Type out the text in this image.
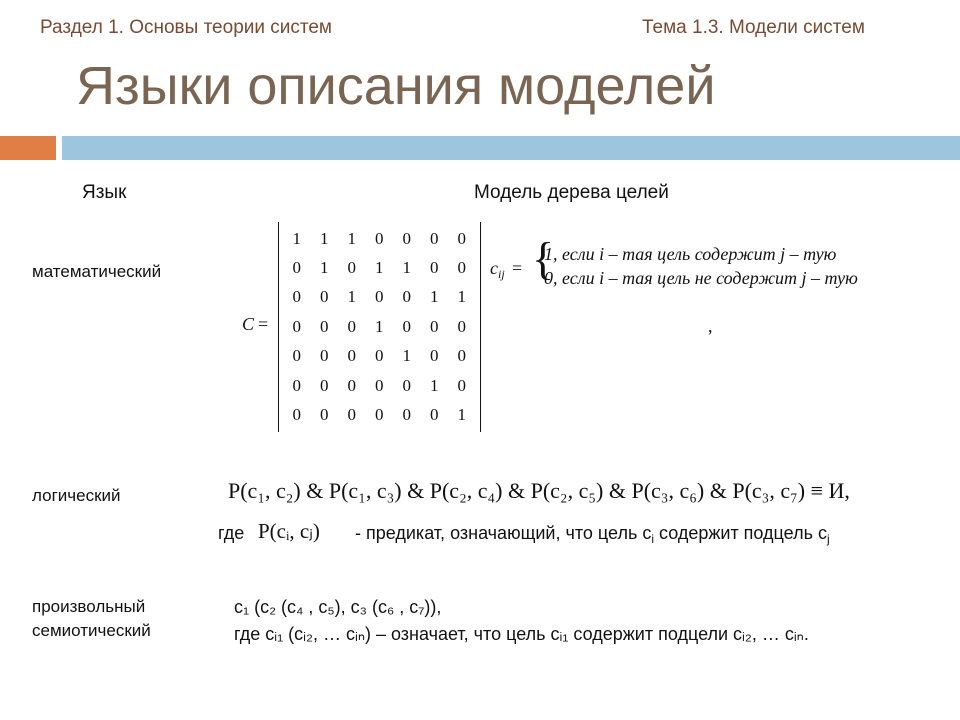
Раздел 1. Основы теории систем	Тема 1.3. Модели систем
Языки описания моделей
Язык	Модель дерева целей
математический
C =
1	1	1	0	0	0	0
0	1	0	1	1	0	0
0	0	1	0	0	1	1
0	0	0	1	0	0	0
0	0	0	0	1	0	0
0	0	0	0	0	1	0
0	0	0	0	0	0	1
,
$c_{ij}$ = {
1, если i – тая цель содержит j – тую
0, если i – тая цель не содержит j – тую
логический	P(c₁, c₂) & P(c₁, c₃) & P(c₂, c₄) & P(c₂, c₅) & P(c₃, c₆) & P(c₃, c₇) ≡ И,
где P(cᵢ, cⱼ) - предикат, означающий, что цель $c_i$ содержит подцель $c_j$
произвольный
семиотический
c₁ (c₂ (c₄ , c₅), c₃ (c₆ , c₇)),
где cᵢ₁ (cᵢ₂, … cᵢₙ) – означает, что цель cᵢ₁ содержит подцели cᵢ₂, … cᵢₙ.
